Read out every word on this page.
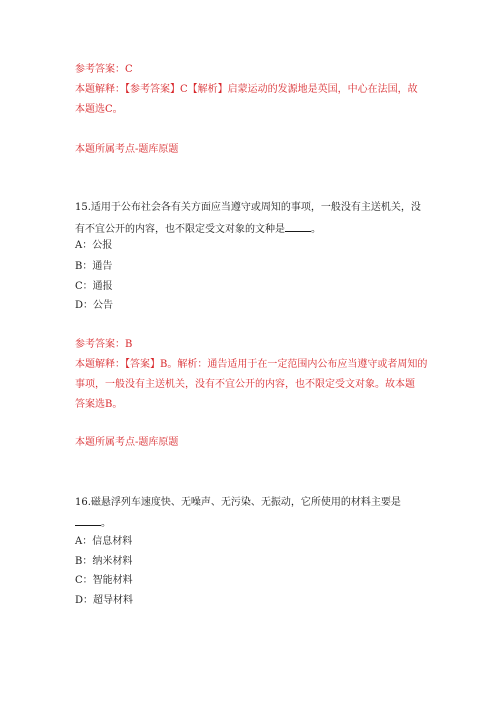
参考答案：C
本题解释：【参考答案】C【解析】启蒙运动的发源地是英国，中心在法国，故
本题选C。
本题所属考点-题库原题
15.适用于公布社会各有关方面应当遵守或周知的事项，一般没有主送机关，没
有不宜公开的内容，也不限定受文对象的文种是	。
A：公报
B：通告
C：通报
D：公告
参考答案：B
本题解释：【答案】B。解析：通告适用于在一定范围内公布应当遵守或者周知的
事项，一般没有主送机关，没有不宜公开的内容，也不限定受文对象。故本题
答案选B。
本题所属考点-题库原题
16.磁悬浮列车速度快、无噪声、无污染、无振动，它所使用的材料主要是
。
A：信息材料
B：纳米材料
C：智能材料
D：超导材料
